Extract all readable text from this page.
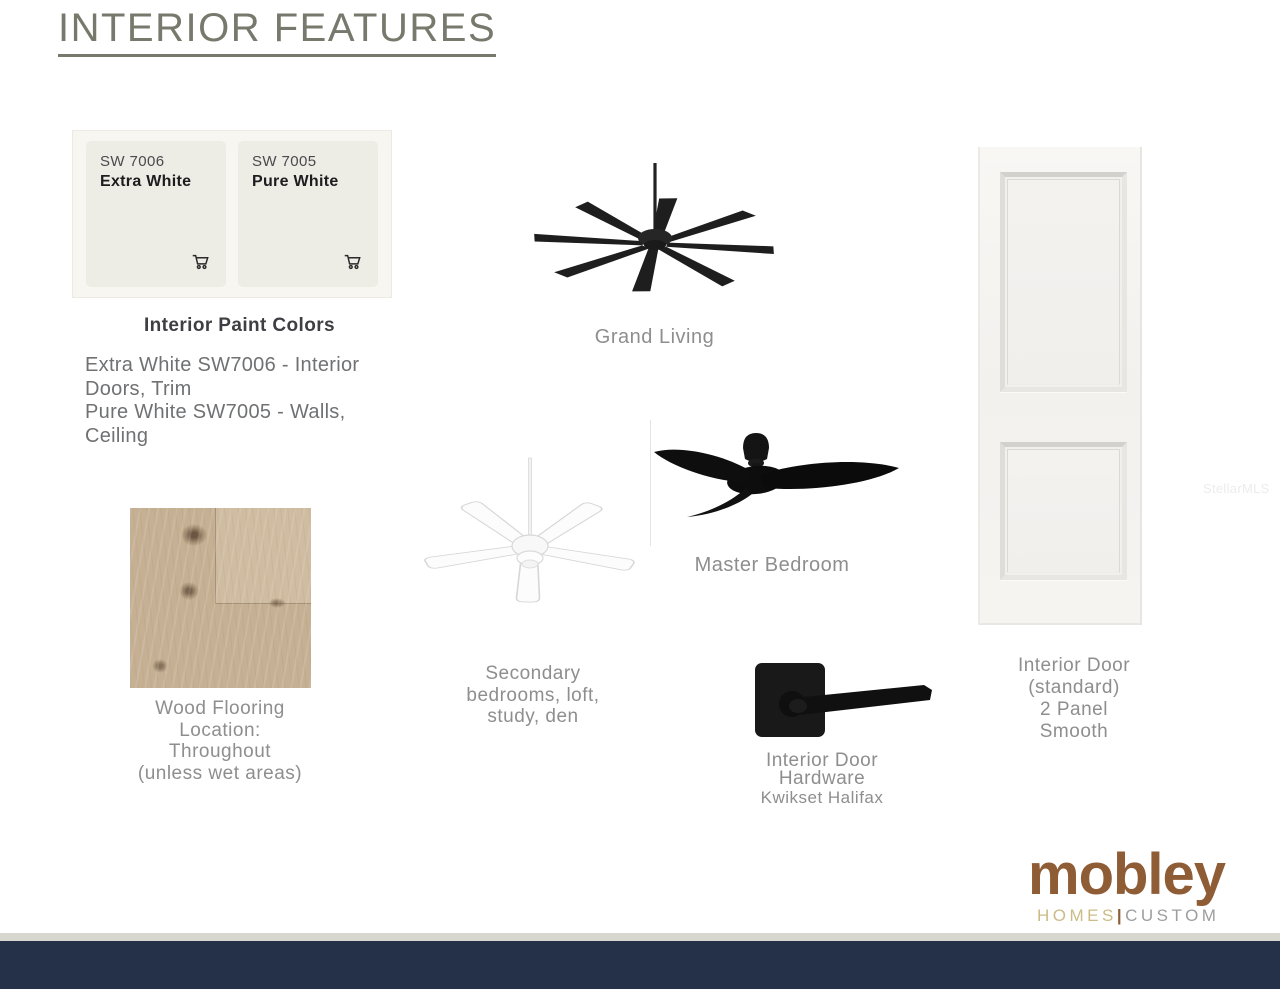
INTERIOR FEATURES
SW 7006
Extra White
SW 7005
Pure White
Interior Paint Colors
Extra White SW7006 - Interior
Doors, Trim
Pure White SW7005 - Walls,
Ceiling
Wood Flooring
Location:
Throughout
(unless wet areas)
Grand Living
Secondary
bedrooms, loft,
study, den
Master Bedroom
Interior Door
Hardware
Kwikset Halifax
Interior Door
(standard)
2 Panel
Smooth
StellarMLS
mobley
HOMES|CUSTOM
